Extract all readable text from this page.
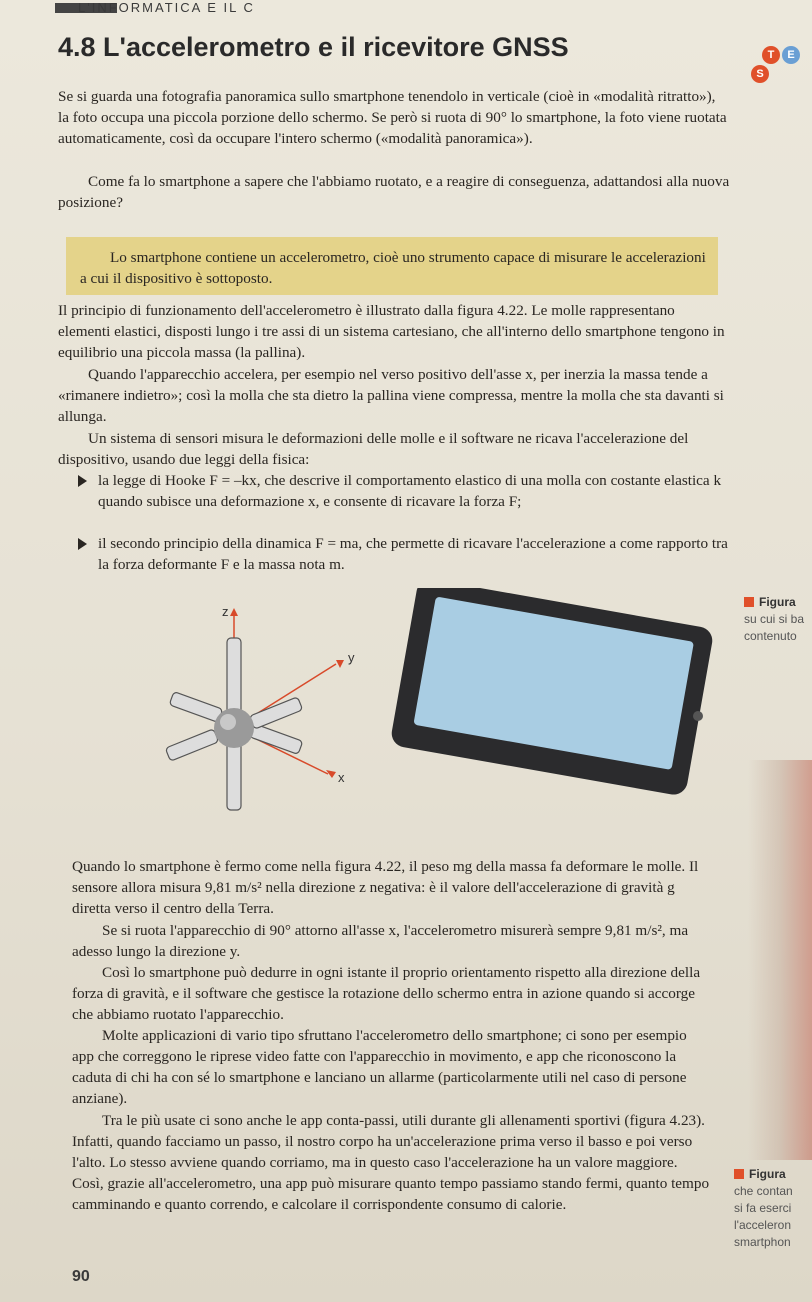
L'INFORMATICA E IL C
4.8 L'accelerometro e il ricevitore GNSS	T	E
S

Se si guarda una fotografia panoramica sullo smartphone tenendolo in verticale (cioè in «modalità ritratto»), la foto occupa una piccola porzione dello schermo. Se però si ruota di 90° lo smartphone, la foto viene ruotata automaticamente, così da occupare l'intero schermo («modalità panoramica»).

Come fa lo smartphone a sapere che l'abbiamo ruotato, e a reagire di conseguenza, adattandosi alla nuova posizione?

Lo smartphone contiene un accelerometro, cioè uno strumento capace di misurare le accelerazioni a cui il dispositivo è sottoposto.

Il principio di funzionamento dell'accelerometro è illustrato dalla figura 4.22. Le molle rappresentano elementi elastici, disposti lungo i tre assi di un sistema cartesiano, che all'interno dello smartphone tengono in equilibrio una piccola massa (la pallina).

Quando l'apparecchio accelera, per esempio nel verso positivo dell'asse x, per inerzia la massa tende a «rimanere indietro»; così la molla che sta dietro la pallina viene compressa, mentre la molla che sta davanti si allunga.

Un sistema di sensori misura le deformazioni delle molle e il software ne ricava l'accelerazione del dispositivo, usando due leggi della fisica:

la legge di Hooke F = –kx, che descrive il comportamento elastico di una molla con costante elastica k quando subisce una deformazione x, e consente di ricavare la forza F;
il secondo principio della dinamica F = ma, che permette di ricavare l'accelerazione a come rapporto tra la forza deformante F e la massa nota m.
Figura
su cui si ba
contenuto
z
y
x

Quando lo smartphone è fermo come nella figura 4.22, il peso mg della massa fa deformare le molle. Il sensore allora misura 9,81 m/s² nella direzione z negativa: è il valore dell'accelerazione di gravità g diretta verso il centro della Terra.

Se si ruota l'apparecchio di 90° attorno all'asse x, l'accelerometro misurerà sempre 9,81 m/s², ma adesso lungo la direzione y.

Così lo smartphone può dedurre in ogni istante il proprio orientamento rispetto alla direzione della forza di gravità, e il software che gestisce la rotazione dello schermo entra in azione quando si accorge che abbiamo ruotato l'apparecchio.

Molte applicazioni di vario tipo sfruttano l'accelerometro dello smartphone; ci sono per esempio app che correggono le riprese video fatte con l'apparecchio in movimento, e app che riconoscono la caduta di chi ha con sé lo smartphone e lanciano un allarme (particolarmente utili nel caso di persone anziane).

Tra le più usate ci sono anche le app conta-passi, utili durante gli allenamenti sportivi (figura 4.23). Infatti, quando facciamo un passo, il nostro corpo ha un'accelerazione prima verso il basso e poi verso l'alto. Lo stesso avviene quando corriamo, ma in questo caso l'accelerazione ha un valore maggiore. Così, grazie all'accelerometro, una app può misurare quanto tempo passiamo stando fermi, quanto tempo camminando e quanto correndo, e calcolare il corrispondente consumo di calorie.

Figura
che contan
si fa eserci
l'acceleron
smartphon
90
